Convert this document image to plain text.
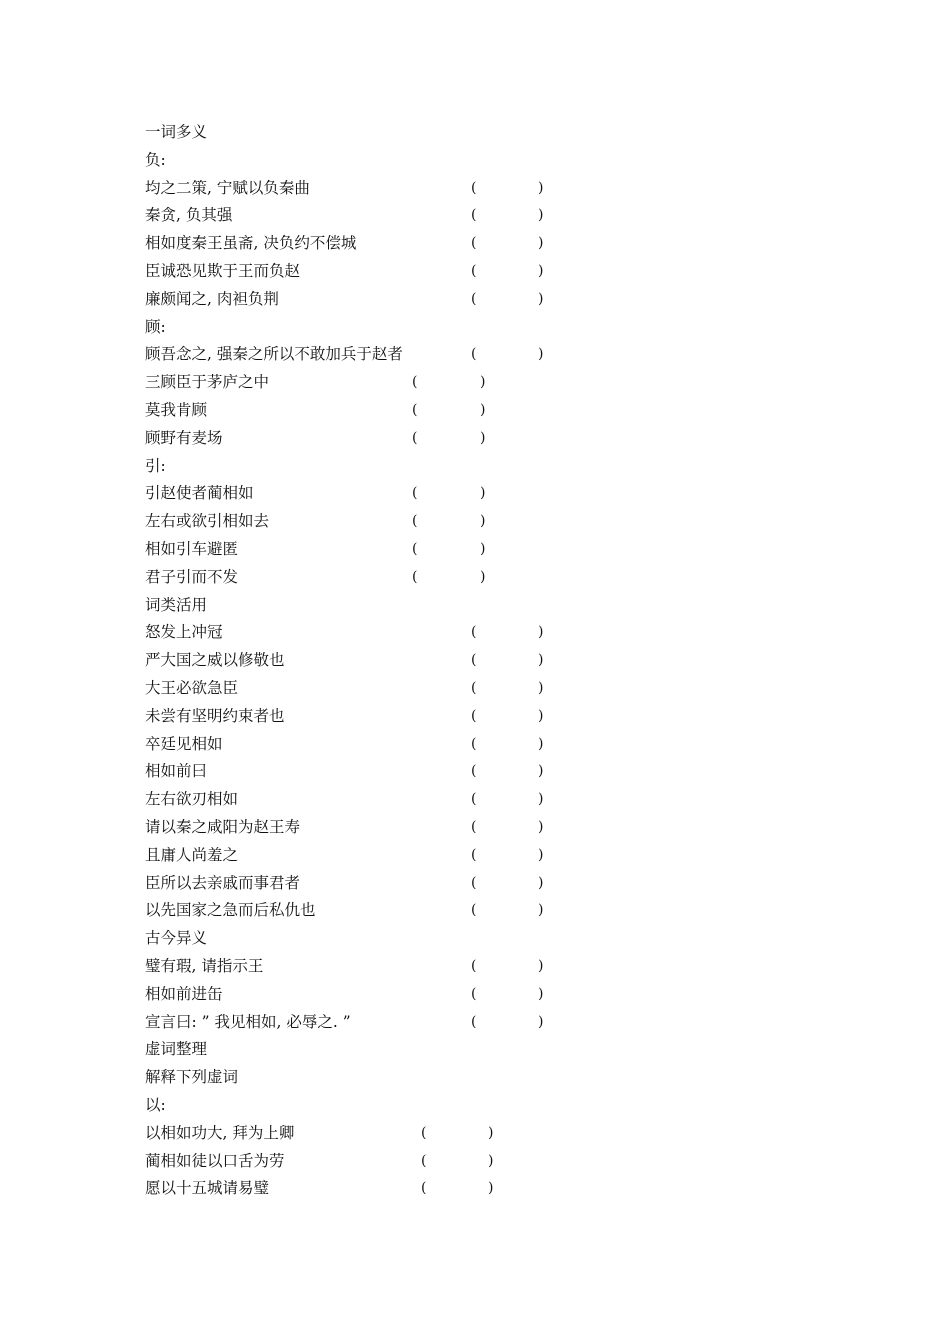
一词多义
负:
均之二策, 宁赋以负秦曲	(	)
秦贪, 负其强	(	)
相如度秦王虽斋, 决负约不偿城	(	)
臣诚恐见欺于王而负赵	(	)
廉颇闻之, 肉袒负荆	(	)
顾:
顾吾念之, 强秦之所以不敢加兵于赵者	(	)
三顾臣于茅庐之中	(	)
莫我肯顾	(	)
顾野有麦场	(	)
引:
引赵使者蔺相如	(	)
左右或欲引相如去	(	)
相如引车避匿	(	)
君子引而不发	(	)
词类活用
怒发上冲冠	(	)
严大国之威以修敬也	(	)
大王必欲急臣	(	)
未尝有坚明约束者也	(	)
卒廷见相如	(	)
相如前曰	(	)
左右欲刃相如	(	)
请以秦之咸阳为赵王寿	(	)
且庸人尚羞之	(	)
臣所以去亲戚而事君者	(	)
以先国家之急而后私仇也	(	)
古今异义
璧有瑕, 请指示王	(	)
相如前进缶	(	)
宣言曰: ” 我见相如, 必辱之. ”	(	)
虚词整理
解释下列虚词
以:
以相如功大, 拜为上卿	(	)
蔺相如徒以口舌为劳	(	)
愿以十五城请易璧	(	)
